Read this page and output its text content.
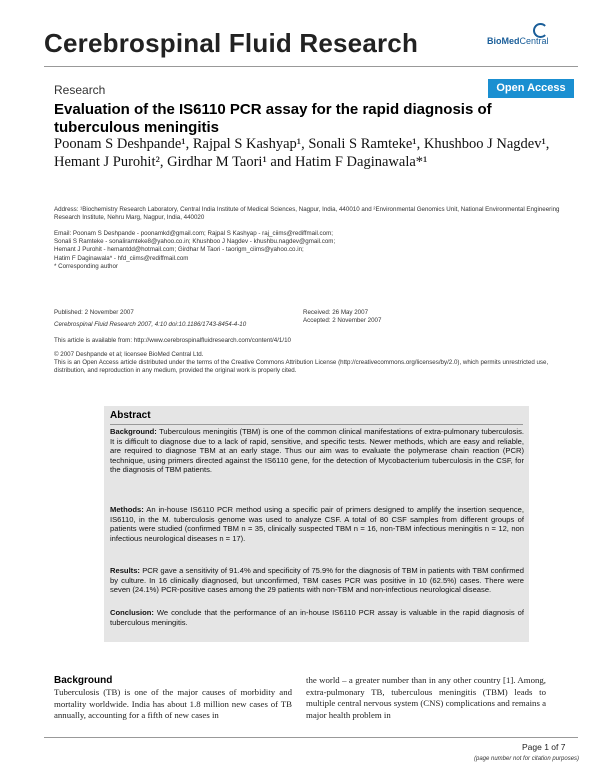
Cerebrospinal Fluid Research	BioMedCentral
Research	Open Access
Evaluation of the IS6110 PCR assay for the rapid diagnosis of tuberculous meningitis
Poonam S Deshpande¹, Rajpal S Kashyap¹, Sonali S Ramteke¹, Khushboo J Nagdev¹, Hemant J Purohit², Girdhar M Taori¹ and Hatim F Daginawala*¹
Address: ¹Biochemistry Research Laboratory, Central India Institute of Medical Sciences, Nagpur, India, 440010 and ²Environmental Genomics Unit, National Environmental Engineering Research Institute, Nehru Marg, Nagpur, India, 440020
Email: Poonam S Deshpande - poonamkd@gmail.com; Rajpal S Kashyap - raj_ciims@rediffmail.com;
Sonali S Ramteke - sonaliramteke8@yahoo.co.in; Khushboo J Nagdev - khushbu.nagdev@gmail.com;
Hemant J Purohit - hemantdd@hotmail.com; Girdhar M Taori - taorigm_ciims@yahoo.co.in;
Hatim F Daginawala* - hfd_ciims@rediffmail.com
* Corresponding author
Published: 2 November 2007
Cerebrospinal Fluid Research 2007, 4:10 doi:10.1186/1743-8454-4-10
Received: 26 May 2007
Accepted: 2 November 2007
This article is available from: http://www.cerebrospinalfluidresearch.com/content/4/1/10
© 2007 Deshpande et al; licensee BioMed Central Ltd.
This is an Open Access article distributed under the terms of the Creative Commons Attribution License (http://creativecommons.org/licenses/by/2.0), which permits unrestricted use, distribution, and reproduction in any medium, provided the original work is properly cited.
Abstract
Background: Tuberculous meningitis (TBM) is one of the common clinical manifestations of extra-pulmonary tuberculosis. It is difficult to diagnose due to a lack of rapid, sensitive, and specific tests. Newer methods, which are easy and reliable, are required to diagnose TBM at an early stage. Thus our aim was to evaluate the polymerase chain reaction (PCR) technique, using primers directed against the IS6110 gene, for the detection of Mycobacterium tuberculosis in the CSF, for the diagnosis of TBM patients.
Methods: An in-house IS6110 PCR method using a specific pair of primers designed to amplify the insertion sequence, IS6110, in the M. tuberculosis genome was used to analyze CSF. A total of 80 CSF samples from different groups of patients were studied (confirmed TBM n = 35, clinically suspected TBM n = 16, non-TBM infectious meningitis n = 12, non infectious neurological diseases n = 17).
Results: PCR gave a sensitivity of 91.4% and specificity of 75.9% for the diagnosis of TBM in patients with TBM confirmed by culture. In 16 clinically diagnosed, but unconfirmed, TBM cases PCR was positive in 10 (62.5%) cases. There were seven (24.1%) PCR-positive cases among the 29 patients with non-TBM and non-infectious neurological disease.
Conclusion: We conclude that the performance of an in-house IS6110 PCR assay is valuable in the rapid diagnosis of tuberculous meningitis.
Background
Tuberculosis (TB) is one of the major causes of morbidity and mortality worldwide. India has about 1.8 million new cases of TB annually, accounting for a fifth of new cases in
the world – a greater number than in any other country [1]. Among, extra-pulmonary TB, tuberculous meningitis (TBM) leads to multiple central nervous system (CNS) complications and remains a major health problem in
Page 1 of 7
(page number not for citation purposes)
